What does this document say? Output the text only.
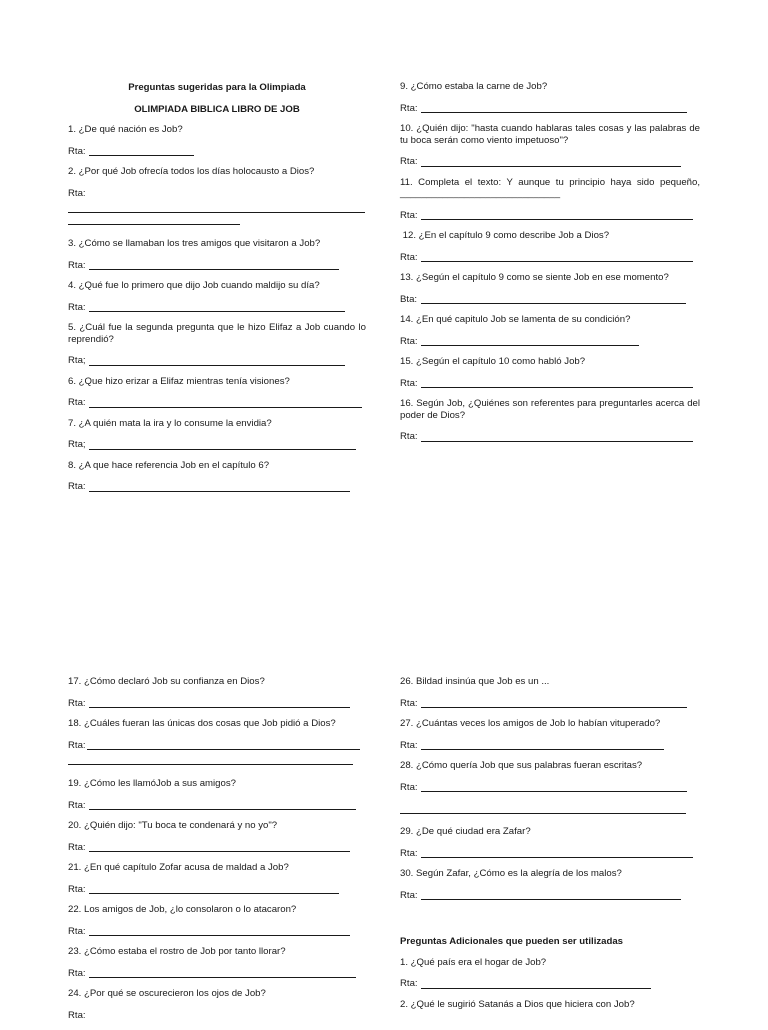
Preguntas sugeridas para la Olimpiada
OLIMPIADA BIBLICA LIBRO DE JOB

1. ¿De qué nación es Job?

Rta:

2. ¿Por qué Job ofrecía todos los días holocausto a Dios?

Rta:

3. ¿Cómo se llamaban los tres amigos que visitaron a Job?

Rta:

4. ¿Qué fue lo primero que dijo Job cuando maldijo su día?

Rta:

5. ¿Cuál fue la segunda pregunta que le hizo Elifaz a Job cuando lo reprendió?

Rta;

6. ¿Que hizo erizar a Elifaz mientras tenía visiones?

Rta:

7. ¿A quién mata la ira y lo consume la envidia?

Rta;

8. ¿A que hace referencia Job en el capítulo 6?

Rta:

9. ¿Cómo estaba la carne de Job?

Rta:

10. ¿Quién dijo: "hasta cuando hablaras tales cosas y las palabras de tu boca serán como viento impetuoso"?

Rta:

11. Completa el texto: Y aunque tu principio haya sido pequeño, ______________________________

Rta:

12. ¿En el capítulo 9 como describe Job a Dios?

Rta:

13. ¿Según el capítulo 9 como se siente Job en ese momento?

Bta:

14. ¿En qué capitulo Job se lamenta de su condición?

Rta:

15. ¿Según el capítulo 10 como habló Job?

Rta:

16. Según Job, ¿Quiénes son referentes para preguntarles acerca del poder de Dios?

Rta:

17. ¿Cómo declaró Job su confianza en Dios?

Rta:

18. ¿Cuáles fueran las únicas dos cosas que Job pidió a Dios?

Rta:

19. ¿Cómo les llamóJob a sus amigos?

Rta:

20. ¿Quién dijo: "Tu boca te condenará y no yo"?

Rta:

21. ¿En qué capítulo Zofar acusa de maldad a Job?

Rta:

22. Los amigos de Job, ¿lo consolaron o lo atacaron?

Rta:

23. ¿Cómo estaba el rostro de Job por tanto llorar?

Rta:

24. ¿Por qué se oscurecieron los ojos de Job?

Rta:

26. Bildad insinúa que Job es un ...

Rta:

27. ¿Cuántas veces los amigos de Job lo habían vituperado?

Rta:

28. ¿Cómo quería Job que sus palabras fueran escritas?

Rta:

29. ¿De qué ciudad era Zafar?

Rta:

30. Según Zafar, ¿Cómo es la alegría de los malos?

Rta:
Preguntas Adicionales que pueden ser utilizadas

1. ¿Qué país era el hogar de Job?

Rta:

2. ¿Qué le sugirió Satanás a Dios que hiciera con Job?
